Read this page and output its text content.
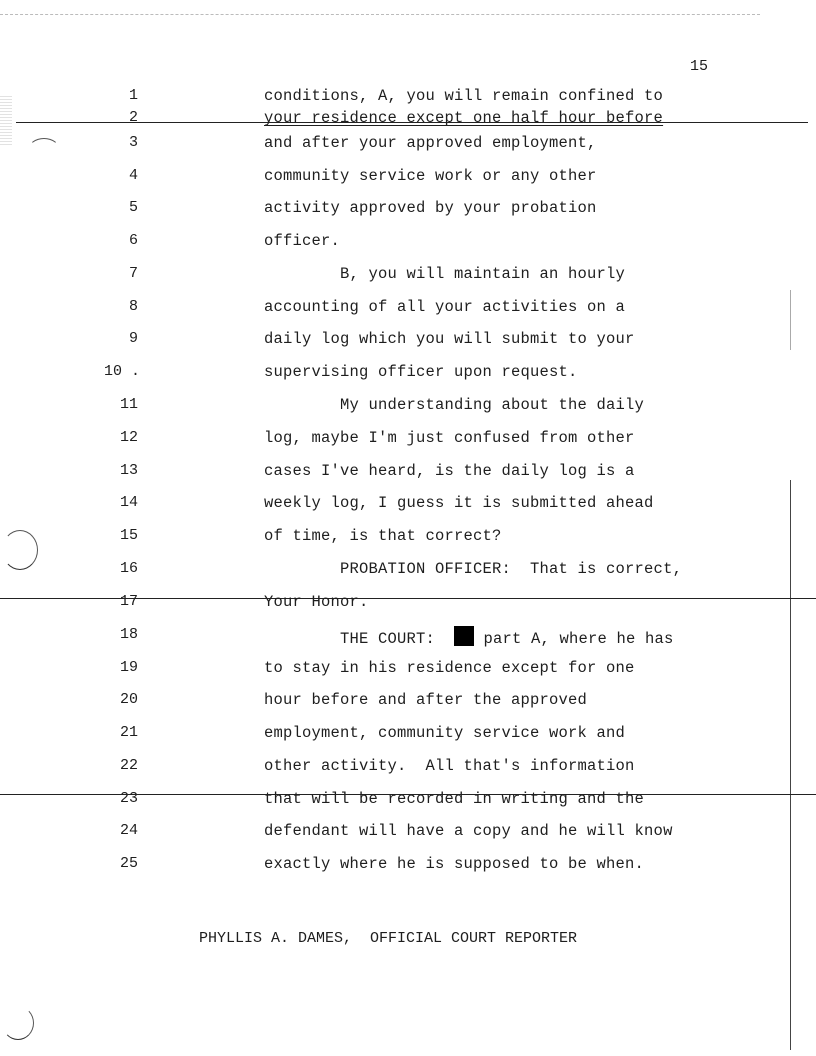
15
1	conditions, A, you will remain confined to
2	your residence except one half hour before
3	and after your approved employment,
4	community service work or any other
5	activity approved by your probation
6	officer.
7	B, you will maintain an hourly
8	accounting of all your activities on a
9	daily log which you will submit to your
10 .	supervising officer upon request.
11	My understanding about the daily
12	log, maybe I'm just confused from other
13	cases I've heard, is the daily log is a
14	weekly log, I guess it is submitted ahead
15	of time, is that correct?
16	PROBATION OFFICER:  That is correct,
17	Your Honor.
18	THE COURT:   part A, where he has
19	to stay in his residence except for one
20	hour before and after the approved
21	employment, community service work and
22	other activity.  All that's information
23	that will be recorded in writing and the
24	defendant will have a copy and he will know
25	exactly where he is supposed to be when.
PHYLLIS A. DAMES,  OFFICIAL COURT REPORTER
